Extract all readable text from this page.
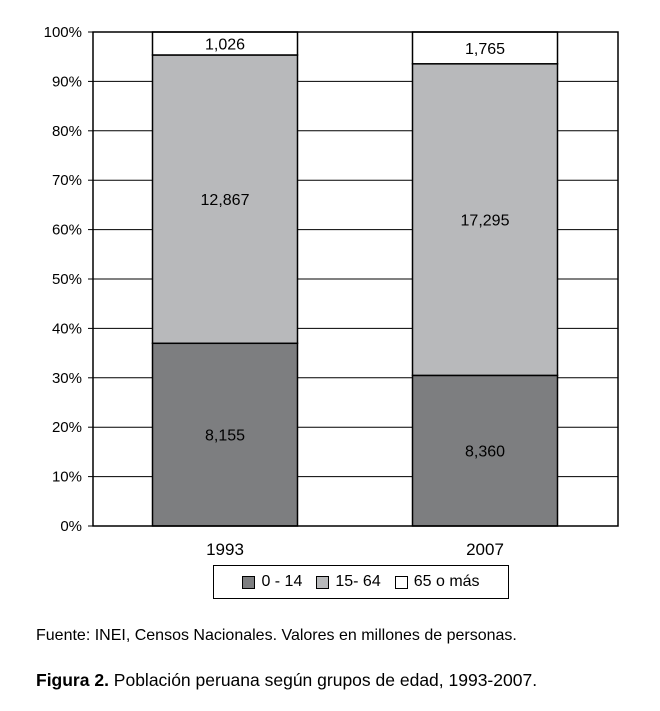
0%
10%
20%
30%
40%
50%
60%
70%
80%
90%
100%
8,155
12,867
1,026
1993
8,360
17,295
1,765
2007
0 - 14 15- 64 65 o más
Fuente: INEI, Censos Nacionales. Valores en millones de personas.
Figura 2. Población peruana según grupos de edad, 1993-2007.
